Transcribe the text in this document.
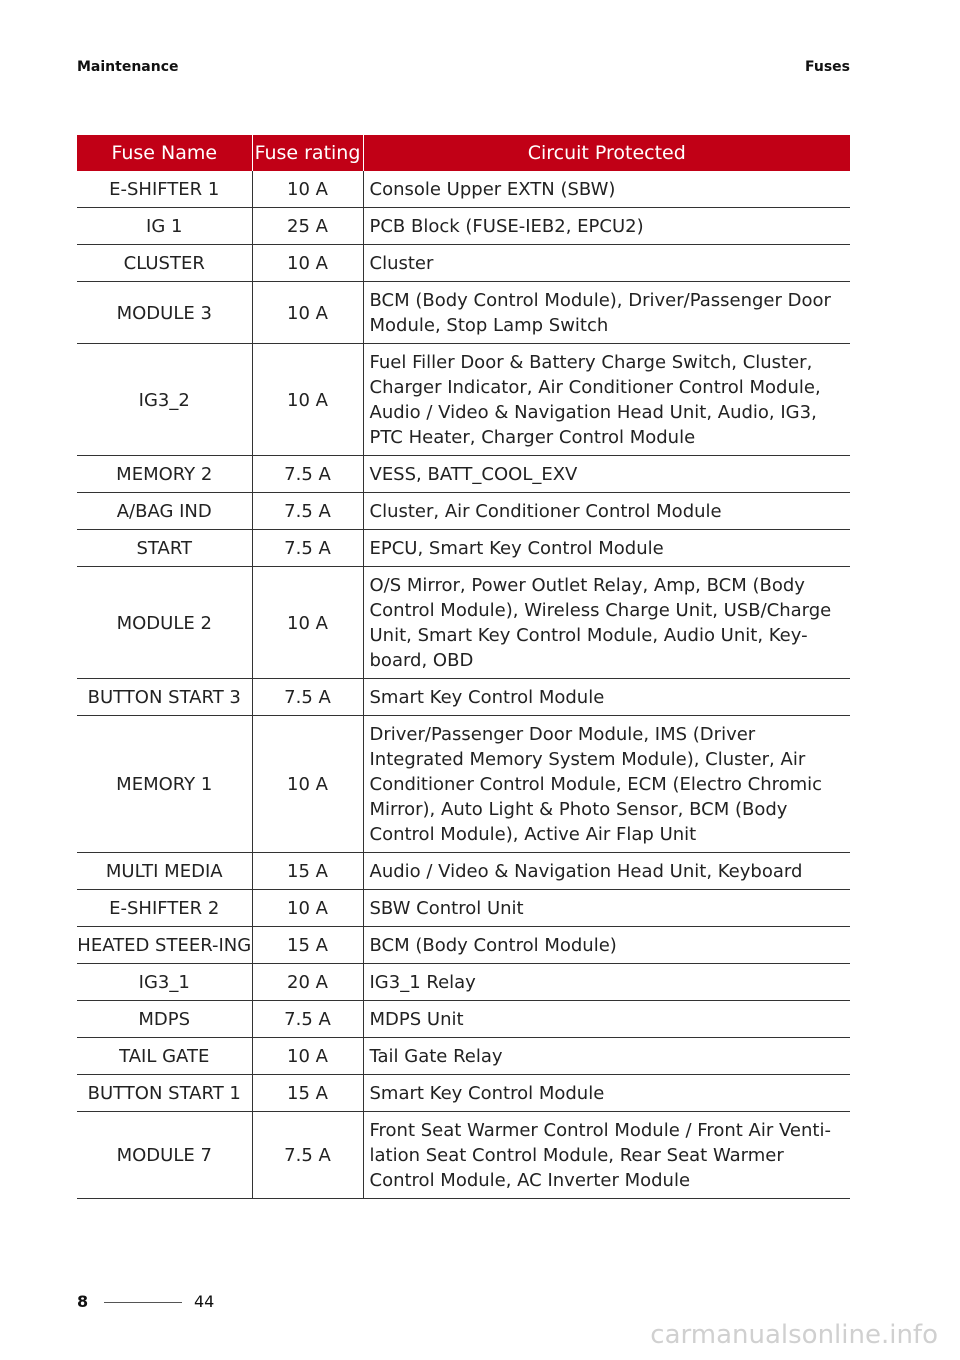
Maintenance	Fuses
Fuse Name	Fuse rating	Circuit Protected
E-SHIFTER 1	10 A	Console Upper EXTN (SBW)
IG 1	25 A	PCB Block (FUSE-IEB2, EPCU2)
CLUSTER	10 A	Cluster
MODULE 3	10 A	BCM (Body Control Module), Driver/Passenger Door Module, Stop Lamp Switch
IG3_2	10 A	Fuel Filler Door & Battery Charge Switch, Cluster, Charger Indicator, Air Conditioner Control Module, Audio / Video & Navigation Head Unit, Audio, IG3, PTC Heater, Charger Control Module
MEMORY 2	7.5 A	VESS, BATT_COOL_EXV
A/BAG IND	7.5 A	Cluster, Air Conditioner Control Module
START	7.5 A	EPCU, Smart Key Control Module
MODULE 2	10 A	O/S Mirror, Power Outlet Relay, Amp, BCM (Body Control Module), Wireless Charge Unit, USB/Charge Unit, Smart Key Control Module, Audio Unit, Key-board, OBD
BUTTON START 3	7.5 A	Smart Key Control Module
MEMORY 1	10 A	Driver/Passenger Door Module, IMS (Driver Integrated Memory System Module), Cluster, Air Conditioner Control Module, ECM (Electro Chromic Mirror), Auto Light & Photo Sensor, BCM (Body Control Module), Active Air Flap Unit
MULTI MEDIA	15 A	Audio / Video & Navigation Head Unit, Keyboard
E-SHIFTER 2	10 A	SBW Control Unit
HEATED STEER-ING	15 A	BCM (Body Control Module)
IG3_1	20 A	IG3_1 Relay
MDPS	7.5 A	MDPS Unit
TAIL GATE	10 A	Tail Gate Relay
BUTTON START 1	15 A	Smart Key Control Module
MODULE 7	7.5 A	Front Seat Warmer Control Module / Front Air Venti-lation Seat Control Module, Rear Seat Warmer Control Module, AC Inverter Module
8	44
carmanualsonline.info
